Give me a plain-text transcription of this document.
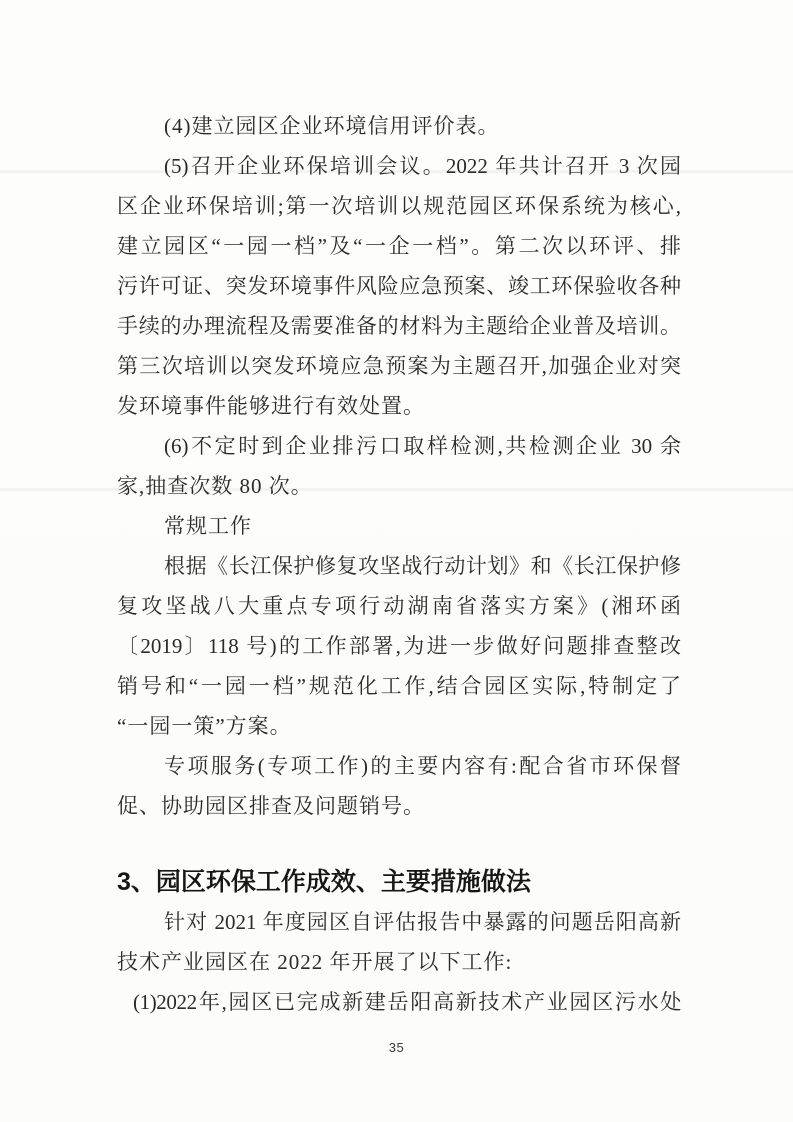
(4)建立园区企业环境信用评价表。
(5)召开企业环保培训会议。2022 年共计召开 3 次园
区企业环保培训;第一次培训以规范园区环保系统为核心,
建立园区“一园一档”及“一企一档”。第二次以环评、排
污许可证、突发环境事件风险应急预案、竣工环保验收各种
手续的办理流程及需要准备的材料为主题给企业普及培训。
第三次培训以突发环境应急预案为主题召开,加强企业对突
发环境事件能够进行有效处置。
(6)不定时到企业排污口取样检测,共检测企业 30 余
家,抽查次数 80 次。
常规工作
根据《长江保护修复攻坚战行动计划》和《长江保护修
复攻坚战八大重点专项行动湖南省落实方案》(湘环函
〔2019〕118 号)的工作部署,为进一步做好问题排查整改
销号和“一园一档”规范化工作,结合园区实际,特制定了
“一园一策”方案。
专项服务(专项工作)的主要内容有:配合省市环保督
促、协助园区排查及问题销号。
3、园区环保工作成效、主要措施做法
针对 2021 年度园区自评估报告中暴露的问题岳阳高新
技术产业园区在 2022 年开展了以下工作:
(1)2022年,园区已完成新建岳阳高新技术产业园区污水处
35
